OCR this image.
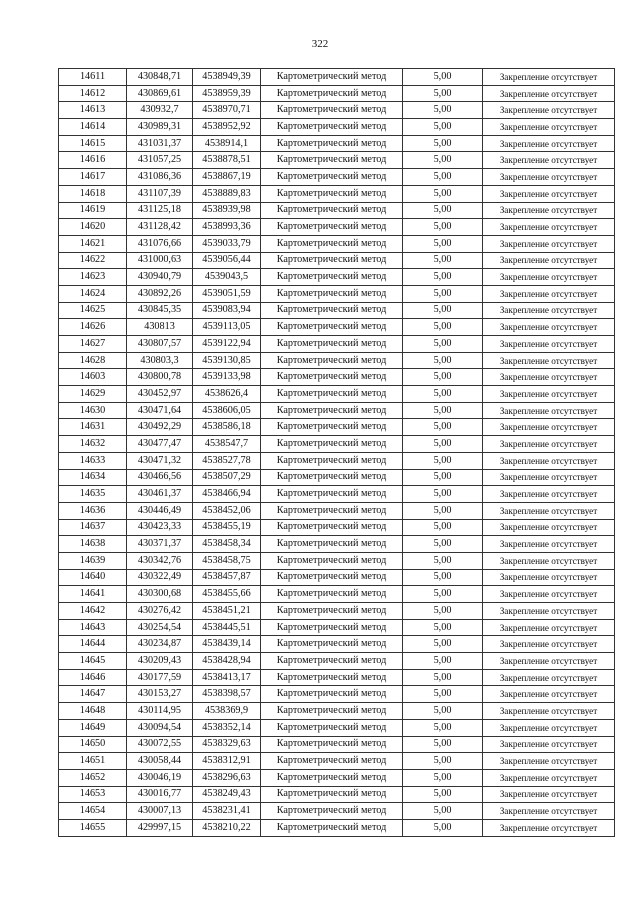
322
14611	430848,71	4538949,39	Картометрический метод	5,00	Закрепление отсутствует
14612	430869,61	4538959,39	Картометрический метод	5,00	Закрепление отсутствует
14613	430932,7	4538970,71	Картометрический метод	5,00	Закрепление отсутствует
14614	430989,31	4538952,92	Картометрический метод	5,00	Закрепление отсутствует
14615	431031,37	4538914,1	Картометрический метод	5,00	Закрепление отсутствует
14616	431057,25	4538878,51	Картометрический метод	5,00	Закрепление отсутствует
14617	431086,36	4538867,19	Картометрический метод	5,00	Закрепление отсутствует
14618	431107,39	4538889,83	Картометрический метод	5,00	Закрепление отсутствует
14619	431125,18	4538939,98	Картометрический метод	5,00	Закрепление отсутствует
14620	431128,42	4538993,36	Картометрический метод	5,00	Закрепление отсутствует
14621	431076,66	4539033,79	Картометрический метод	5,00	Закрепление отсутствует
14622	431000,63	4539056,44	Картометрический метод	5,00	Закрепление отсутствует
14623	430940,79	4539043,5	Картометрический метод	5,00	Закрепление отсутствует
14624	430892,26	4539051,59	Картометрический метод	5,00	Закрепление отсутствует
14625	430845,35	4539083,94	Картометрический метод	5,00	Закрепление отсутствует
14626	430813	4539113,05	Картометрический метод	5,00	Закрепление отсутствует
14627	430807,57	4539122,94	Картометрический метод	5,00	Закрепление отсутствует
14628	430803,3	4539130,85	Картометрический метод	5,00	Закрепление отсутствует
14603	430800,78	4539133,98	Картометрический метод	5,00	Закрепление отсутствует
14629	430452,97	4538626,4	Картометрический метод	5,00	Закрепление отсутствует
14630	430471,64	4538606,05	Картометрический метод	5,00	Закрепление отсутствует
14631	430492,29	4538586,18	Картометрический метод	5,00	Закрепление отсутствует
14632	430477,47	4538547,7	Картометрический метод	5,00	Закрепление отсутствует
14633	430471,32	4538527,78	Картометрический метод	5,00	Закрепление отсутствует
14634	430466,56	4538507,29	Картометрический метод	5,00	Закрепление отсутствует
14635	430461,37	4538466,94	Картометрический метод	5,00	Закрепление отсутствует
14636	430446,49	4538452,06	Картометрический метод	5,00	Закрепление отсутствует
14637	430423,33	4538455,19	Картометрический метод	5,00	Закрепление отсутствует
14638	430371,37	4538458,34	Картометрический метод	5,00	Закрепление отсутствует
14639	430342,76	4538458,75	Картометрический метод	5,00	Закрепление отсутствует
14640	430322,49	4538457,87	Картометрический метод	5,00	Закрепление отсутствует
14641	430300,68	4538455,66	Картометрический метод	5,00	Закрепление отсутствует
14642	430276,42	4538451,21	Картометрический метод	5,00	Закрепление отсутствует
14643	430254,54	4538445,51	Картометрический метод	5,00	Закрепление отсутствует
14644	430234,87	4538439,14	Картометрический метод	5,00	Закрепление отсутствует
14645	430209,43	4538428,94	Картометрический метод	5,00	Закрепление отсутствует
14646	430177,59	4538413,17	Картометрический метод	5,00	Закрепление отсутствует
14647	430153,27	4538398,57	Картометрический метод	5,00	Закрепление отсутствует
14648	430114,95	4538369,9	Картометрический метод	5,00	Закрепление отсутствует
14649	430094,54	4538352,14	Картометрический метод	5,00	Закрепление отсутствует
14650	430072,55	4538329,63	Картометрический метод	5,00	Закрепление отсутствует
14651	430058,44	4538312,91	Картометрический метод	5,00	Закрепление отсутствует
14652	430046,19	4538296,63	Картометрический метод	5,00	Закрепление отсутствует
14653	430016,77	4538249,43	Картометрический метод	5,00	Закрепление отсутствует
14654	430007,13	4538231,41	Картометрический метод	5,00	Закрепление отсутствует
14655	429997,15	4538210,22	Картометрический метод	5,00	Закрепление отсутствует
